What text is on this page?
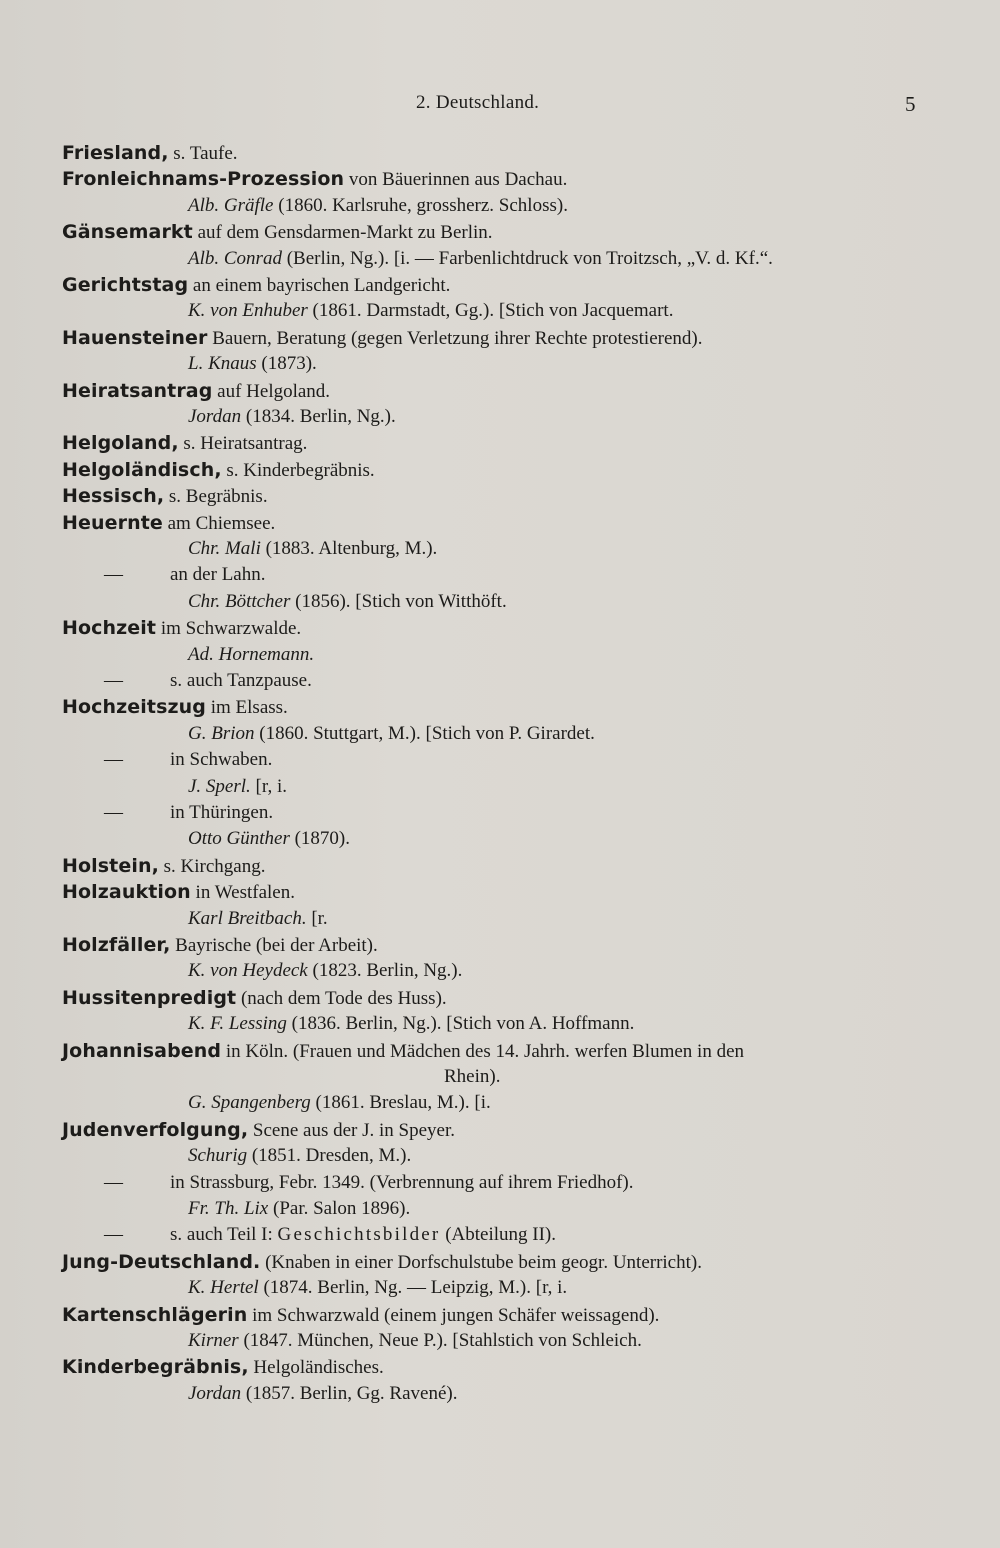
2. Deutschland.	5
Friesland, s. Taufe.
Fronleichnams-Prozession von Bäuerinnen aus Dachau.
Alb. Gräfle (1860. Karlsruhe, grossherz. Schloss).
Gänsemarkt auf dem Gensdarmen-Markt zu Berlin.
Alb. Conrad (Berlin, Ng.). [i. — Farbenlichtdruck von Troitzsch, „V. d. Kf.“.
Gerichtstag an einem bayrischen Landgericht.
K. von Enhuber (1861. Darmstadt, Gg.). [Stich von Jacquemart.
Hauensteiner Bauern, Beratung (gegen Verletzung ihrer Rechte protestierend).
L. Knaus (1873).
Heiratsantrag auf Helgoland.
Jordan (1834. Berlin, Ng.).
Helgoland, s. Heiratsantrag.
Helgoländisch, s. Kinderbegräbnis.
Hessisch, s. Begräbnis.
Heuernte am Chiemsee.
Chr. Mali (1883. Altenburg, M.).
— an der Lahn.
Chr. Böttcher (1856). [Stich von Witthöft.
Hochzeit im Schwarzwalde.
Ad. Hornemann.
— s. auch Tanzpause.
Hochzeitszug im Elsass.
G. Brion (1860. Stuttgart, M.). [Stich von P. Girardet.
— in Schwaben.
J. Sperl. [r, i.
— in Thüringen.
Otto Günther (1870).
Holstein, s. Kirchgang.
Holzauktion in Westfalen.
Karl Breitbach. [r.
Holzfäller, Bayrische (bei der Arbeit).
K. von Heydeck (1823. Berlin, Ng.).
Hussitenpredigt (nach dem Tode des Huss).
K. F. Lessing (1836. Berlin, Ng.). [Stich von A. Hoffmann.
Johannisabend in Köln. (Frauen und Mädchen des 14. Jahrh. werfen Blumen in den
Rhein).
G. Spangenberg (1861. Breslau, M.). [i.
Judenverfolgung, Scene aus der J. in Speyer.
Schurig (1851. Dresden, M.).
— in Strassburg, Febr. 1349. (Verbrennung auf ihrem Friedhof).
Fr. Th. Lix (Par. Salon 1896).
— s. auch Teil I: Geschichtsbilder (Abteilung II).
Jung-Deutschland. (Knaben in einer Dorfschulstube beim geogr. Unterricht).
K. Hertel (1874. Berlin, Ng. — Leipzig, M.). [r, i.
Kartenschlägerin im Schwarzwald (einem jungen Schäfer weissagend).
Kirner (1847. München, Neue P.). [Stahlstich von Schleich.
Kinderbegräbnis, Helgoländisches.
Jordan (1857. Berlin, Gg. Ravené).
